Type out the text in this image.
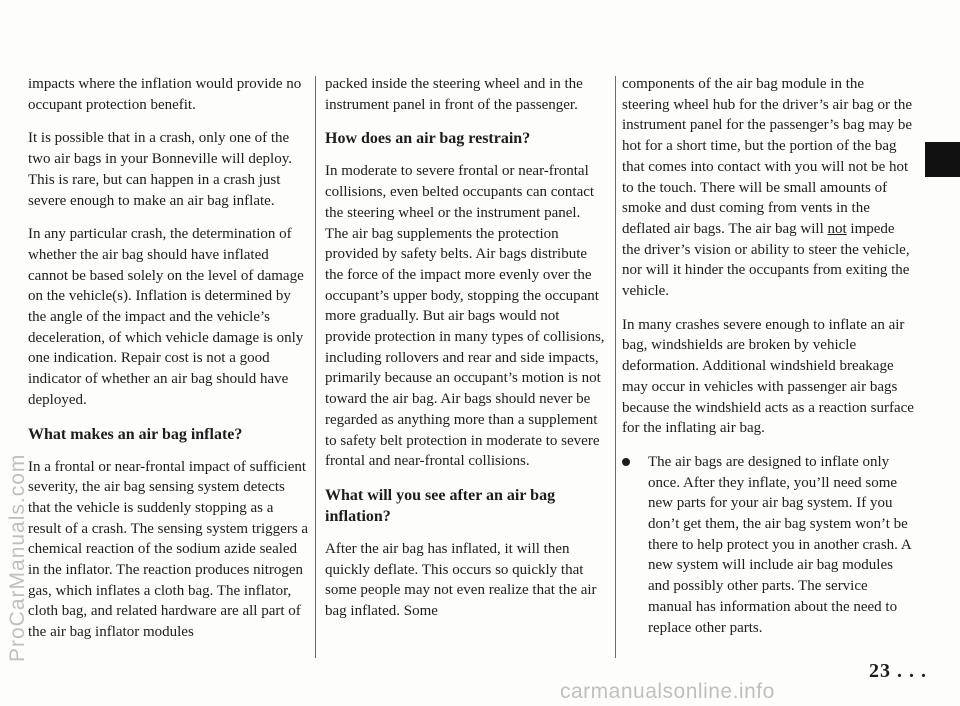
impacts where the inflation would provide no occupant protection benefit.

It is possible that in a crash, only one of the two air bags in your Bonneville will deploy. This is rare, but can happen in a crash just severe enough to make an air bag inflate.

In any particular crash, the determination of whether the air bag should have inflated cannot be based solely on the level of damage on the vehicle(s). Inflation is determined by the angle of the impact and the vehicle’s deceleration, of which vehicle damage is only one indication. Repair cost is not a good indicator of whether an air bag should have deployed.

What makes an air bag inflate?

In a frontal or near-frontal impact of sufficient severity, the air bag sensing system detects that the vehicle is suddenly stopping as a result of a crash. The sensing system triggers a chemical reaction of the sodium azide sealed in the inflator. The reaction produces nitrogen gas, which inflates a cloth bag. The inflator, cloth bag, and related hardware are all part of the air bag inflator modules

packed inside the steering wheel and in the instrument panel in front of the passenger.

How does an air bag restrain?

In moderate to severe frontal or near-frontal collisions, even belted occupants can contact the steering wheel or the instrument panel. The air bag supplements the protection provided by safety belts. Air bags distribute the force of the impact more evenly over the occupant’s upper body, stopping the occupant more gradually. But air bags would not provide protection in many types of collisions, including rollovers and rear and side impacts, primarily because an occupant’s motion is not toward the air bag. Air bags should never be regarded as anything more than a supplement to safety belt protection in moderate to severe frontal and near-frontal collisions.

What will you see after an air bag inflation?

After the air bag has inflated, it will then quickly deflate. This occurs so quickly that some people may not even realize that the air bag inflated. Some

components of the air bag module in the steering wheel hub for the driver’s air bag or the instrument panel for the passenger’s bag may be hot for a short time, but the portion of the bag that comes into contact with you will not be hot to the touch. There will be small amounts of smoke and dust coming from vents in the deflated air bags. The air bag will not impede the driver’s vision or ability to steer the vehicle, nor will it hinder the occupants from exiting the vehicle.

In many crashes severe enough to inflate an air bag, windshields are broken by vehicle deformation. Additional windshield breakage may occur in vehicles with passenger air bags because the windshield acts as a reaction surface for the inflating air bag.

The air bags are designed to inflate only once. After they inflate, you’ll need some new parts for your air bag system. If you don’t get them, the air bag system won’t be there to help protect you in another crash. A new system will include air bag modules and possibly other parts. The service manual has information about the need to replace other parts.
23 . . .
ProCarManuals.com
carmanualsonline.info
